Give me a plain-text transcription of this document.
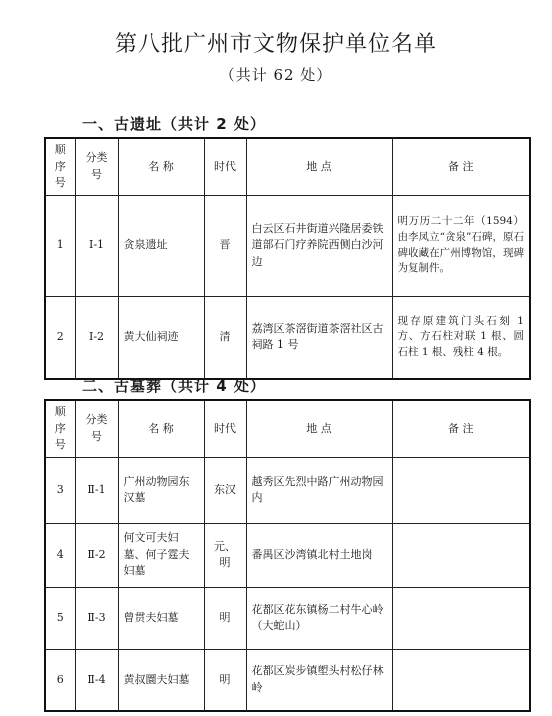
第八批广州市文物保护单位名单
（共计 62 处）
一、古遗址（共计 2 处）
顺序号	分类号	名 称	时代	地 点	备 注
1	Ⅰ-1	贪泉遗址	晋	白云区石井街道兴隆居委铁道部石门疗养院西侧白沙河边	明万历二十二年（1594）由李凤立“贪泉”石碑，原石碑收藏在广州博物馆，现碑为复制件。
2	Ⅰ-2	黄大仙祠迹	清	荔湾区茶滘街道茶滘社区古祠路 1 号	现存原建筑门头石刻 1 方、方石柱对联 1 根、圆石柱 1 根、残柱 4 根。
二、古墓葬（共计 4 处）
顺序号	分类号	名 称	时代	地 点	备 注
3	Ⅱ-1	广州动物园东汉墓	东汉	越秀区先烈中路广州动物园内	
4	Ⅱ-2	何文可夫妇墓、何子霆夫妇墓	元、明	番禺区沙湾镇北村土地岗	
5	Ⅱ-3	曾贯夫妇墓	明	花都区花东镇杨二村牛心岭（大蛇山）	
6	Ⅱ-4	黄叔圜夫妇墓	明	花都区炭步镇塱头村松仔林岭	
